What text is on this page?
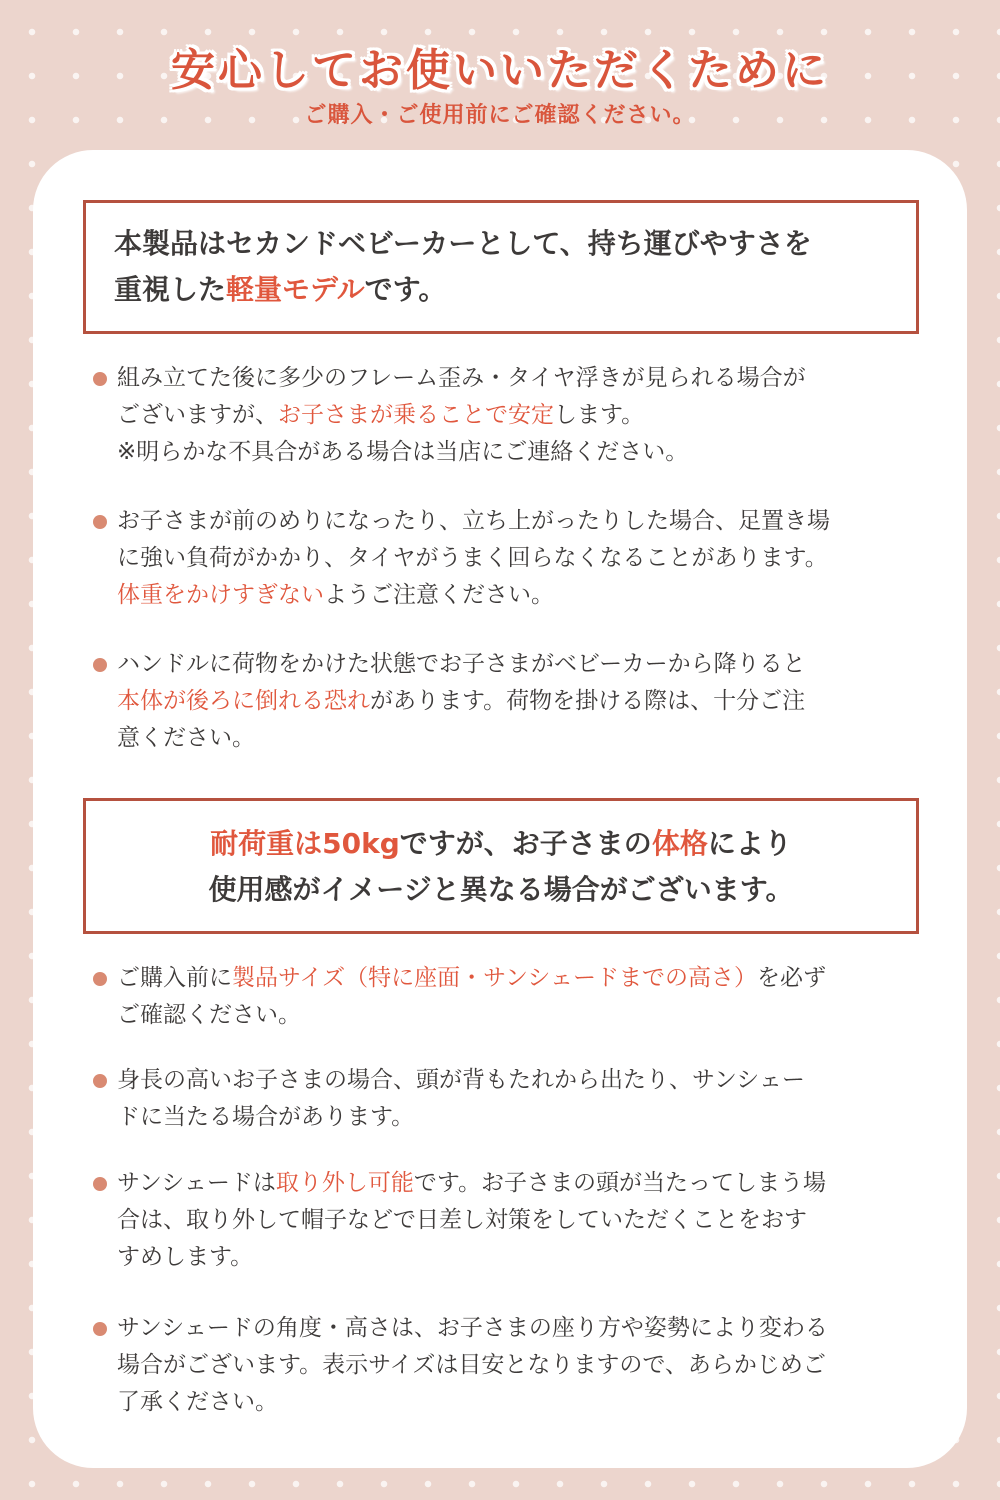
安心してお使いいただくために
ご購入・ご使用前にご確認ください。
本製品はセカンドベビーカーとして、持ち運びやすさを
重視した軽量モデルです。
組み立てた後に多少のフレーム歪み・タイヤ浮きが見られる場合が
ございますが、お子さまが乗ることで安定します。
※明らかな不具合がある場合は当店にご連絡ください。
お子さまが前のめりになったり、立ち上がったりした場合、足置き場
に強い負荷がかかり、タイヤがうまく回らなくなることがあります。
体重をかけすぎないようご注意ください。
ハンドルに荷物をかけた状態でお子さまがベビーカーから降りると
本体が後ろに倒れる恐れがあります。荷物を掛ける際は、十分ご注
意ください。
耐荷重は50kgですが、お子さまの体格により
使用感がイメージと異なる場合がございます。
ご購入前に製品サイズ（特に座面・サンシェードまでの高さ）を必ず
ご確認ください。
身長の高いお子さまの場合、頭が背もたれから出たり、サンシェー
ドに当たる場合があります。
サンシェードは取り外し可能です。お子さまの頭が当たってしまう場
合は、取り外して帽子などで日差し対策をしていただくことをおす
すめします。
サンシェードの角度・高さは、お子さまの座り方や姿勢により変わる
場合がございます。表示サイズは目安となりますので、あらかじめご
了承ください。
